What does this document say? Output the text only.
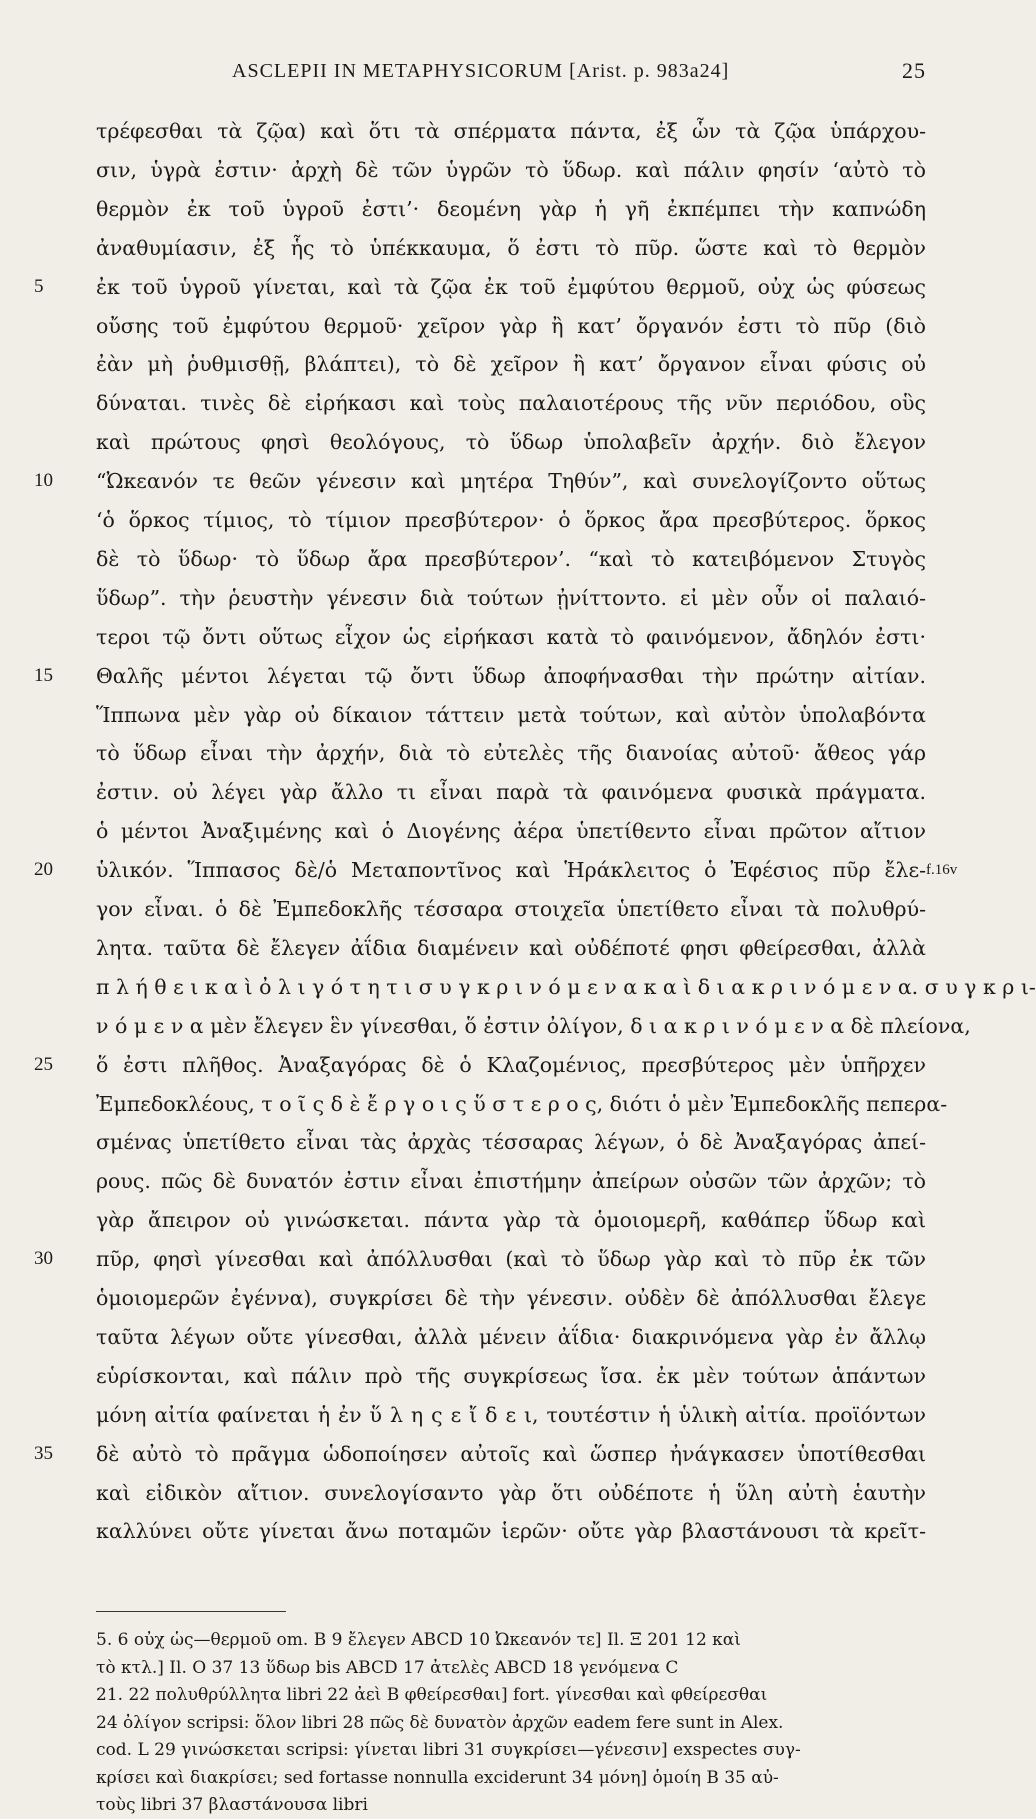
ASCLEPII IN METAPHYSICORUM [Arist. p. 983a24]	25
τρέφεσθαι τὰ ζῷα) καὶ ὅτι τὰ σπέρματα πάντα, ἐξ ὧν τὰ ζῷα ὑπάρχου-
σιν, ὑγρὰ ἐστιν· ἀρχὴ δὲ τῶν ὑγρῶν τὸ ὕδωρ. καὶ πάλιν φησίν ‘αὐτὸ τὸ
θερμὸν ἐκ τοῦ ὑγροῦ ἐστι’· δεομένη γὰρ ἡ γῆ ἐκπέμπει τὴν καπνώδη
ἀναθυμίασιν, ἐξ ἧς τὸ ὑπέκκαυμα, ὅ ἐστι τὸ πῦρ. ὥστε καὶ τὸ θερμὸν
ἐκ τοῦ ὑγροῦ γίνεται, καὶ τὰ ζῷα ἐκ τοῦ ἐμφύτου θερμοῦ, οὐχ ὡς φύσεως
5
οὔσης τοῦ ἐμφύτου θερμοῦ· χεῖρον γὰρ ἢ κατ’ ὄργανόν ἐστι τὸ πῦρ (διὸ
ἐὰν μὴ ῥυθμισθῇ, βλάπτει), τὸ δὲ χεῖρον ἢ κατ’ ὄργανον εἶναι φύσις οὐ
δύναται. τινὲς δὲ εἰρήκασι καὶ τοὺς παλαιοτέρους τῆς νῦν περιόδου, οὓς
καὶ πρώτους φησὶ θεολόγους, τὸ ὕδωρ ὑπολαβεῖν ἀρχήν. διὸ ἔλεγον
“Ὠκεανόν τε θεῶν γένεσιν καὶ μητέρα Τηθύν”, καὶ συνελογίζοντο οὕτως
10
‘ὁ ὅρκος τίμιος, τὸ τίμιον πρεσβύτερον· ὁ ὅρκος ἄρα πρεσβύτερος. ὅρκος
δὲ τὸ ὕδωρ· τὸ ὕδωρ ἄρα πρεσβύτερον’. “καὶ τὸ κατειβόμενον Στυγὸς
ὕδωρ”. τὴν ῥευστὴν γένεσιν διὰ τούτων ᾐνίττοντο. εἰ μὲν οὖν οἱ παλαιό-
τεροι τῷ ὄντι οὕτως εἶχον ὡς εἰρήκασι κατὰ τὸ φαινόμενον, ἄδηλόν ἐστι·
Θαλῆς μέντοι λέγεται τῷ ὄντι ὕδωρ ἀποφήνασθαι τὴν πρώτην αἰτίαν.
15
Ἵππωνα μὲν γὰρ οὐ δίκαιον τάττειν μετὰ τούτων, καὶ αὐτὸν ὑπολαβόντα
τὸ ὕδωρ εἶναι τὴν ἀρχήν, διὰ τὸ εὐτελὲς τῆς διανοίας αὐτοῦ· ἄθεος γάρ
ἐστιν. οὐ λέγει γὰρ ἄλλο τι εἶναι παρὰ τὰ φαινόμενα φυσικὰ πράγματα.
ὁ μέντοι Ἀναξιμένης καὶ ὁ Διογένης ἀέρα ὑπετίθεντο εἶναι πρῶτον αἴτιον
ὑλικόν. Ἵππασος δὲ/ὁ Μεταποντῖνος καὶ Ἡράκλειτος ὁ Ἐφέσιος πῦρ ἔλε-
20
γον εἶναι. ὁ δὲ Ἐμπεδοκλῆς τέσσαρα στοιχεῖα ὑπετίθετο εἶναι τὰ πολυθρύ-
λητα. ταῦτα δὲ ἔλεγεν ἀΐδια διαμένειν καὶ οὐδέποτέ φησι φθείρεσθαι, ἀλλὰ
π λ ή θ ε ι κ α ὶ ὀ λ ι γ ό τ η τ ι σ υ γ κ ρ ι ν ό μ ε ν α κ α ὶ δ ι α κ ρ ι ν ό μ ε ν α. σ υ γ κ ρ ι-
ν ό μ ε ν α μὲν ἔλεγεν ἓν γίνεσθαι, ὅ ἐστιν ὀλίγον, δ ι α κ ρ ι ν ό μ ε ν α δὲ πλείονα,
ὅ ἐστι πλῆθος. Ἀναξαγόρας δὲ ὁ Κλαζομένιος, πρεσβύτερος μὲν ὑπῆρχεν
25
Ἐμπεδοκλέους, τ ο ῖ ς δ ὲ ἔ ρ γ ο ι ς ὕ σ τ ε ρ ο ς, διότι ὁ μὲν Ἐμπεδοκλῆς πεπερα-
σμένας ὑπετίθετο εἶναι τὰς ἀρχὰς τέσσαρας λέγων, ὁ δὲ Ἀναξαγόρας ἀπεί-
ρους. πῶς δὲ δυνατόν ἐστιν εἶναι ἐπιστήμην ἀπείρων οὐσῶν τῶν ἀρχῶν; τὸ
γὰρ ἄπειρον οὐ γινώσκεται. πάντα γὰρ τὰ ὁμοιομερῆ, καθάπερ ὕδωρ καὶ
πῦρ, φησὶ γίνεσθαι καὶ ἀπόλλυσθαι (καὶ τὸ ὕδωρ γὰρ καὶ τὸ πῦρ ἐκ τῶν
30
ὁμοιομερῶν ἐγέννα), συγκρίσει δὲ τὴν γένεσιν. οὐδὲν δὲ ἀπόλλυσθαι ἔλεγε
ταῦτα λέγων οὔτε γίνεσθαι, ἀλλὰ μένειν ἀΐδια· διακρινόμενα γὰρ ἐν ἄλλῳ
εὑρίσκονται, καὶ πάλιν πρὸ τῆς συγκρίσεως ἴσα. ἐκ μὲν τούτων ἁπάντων
μόνη αἰτία φαίνεται ἡ ἐν ὕ λ η ς ε ἴ δ ε ι, τουτέστιν ἡ ὑλικὴ αἰτία. προϊόντων
δὲ αὐτὸ τὸ πρᾶγμα ὡδοποίησεν αὐτοῖς καὶ ὥσπερ ἠνάγκασεν ὑποτίθεσθαι
35
καὶ εἰδικὸν αἴτιον. συνελογίσαντο γὰρ ὅτι οὐδέποτε ἡ ὕλη αὐτὴ ἑαυτὴν
καλλύνει οὔτε γίνεται ἄνω ποταμῶν ἱερῶν· οὔτε γὰρ βλαστάνουσι τὰ κρεῖτ-
f.16v
5. 6 οὐχ ὡς—θερμοῦ om. B 9 ἔλεγεν ABCD 10 Ὠκεανόν τε] Il. Ξ 201 12 καὶ
τὸ κτλ.] Il. O 37 13 ὕδωρ bis ABCD 17 ἀτελὲς ABCD 18 γενόμενα C
21. 22 πολυθρύλλητα libri 22 ἀεὶ B φθείρεσθαι] fort. γίνεσθαι καὶ φθείρεσθαι
24 ὀλίγον scripsi: ὅλον libri 28 πῶς δὲ δυνατὸν ἀρχῶν eadem fere sunt in Alex.
cod. L 29 γινώσκεται scripsi: γίνεται libri 31 συγκρίσει—γένεσιν] exspectes συγ-
κρίσει καὶ διακρίσει; sed fortasse nonnulla exciderunt 34 μόνη] ὁμοίη B 35 αὐ-
τοὺς libri 37 βλαστάνουσα libri
